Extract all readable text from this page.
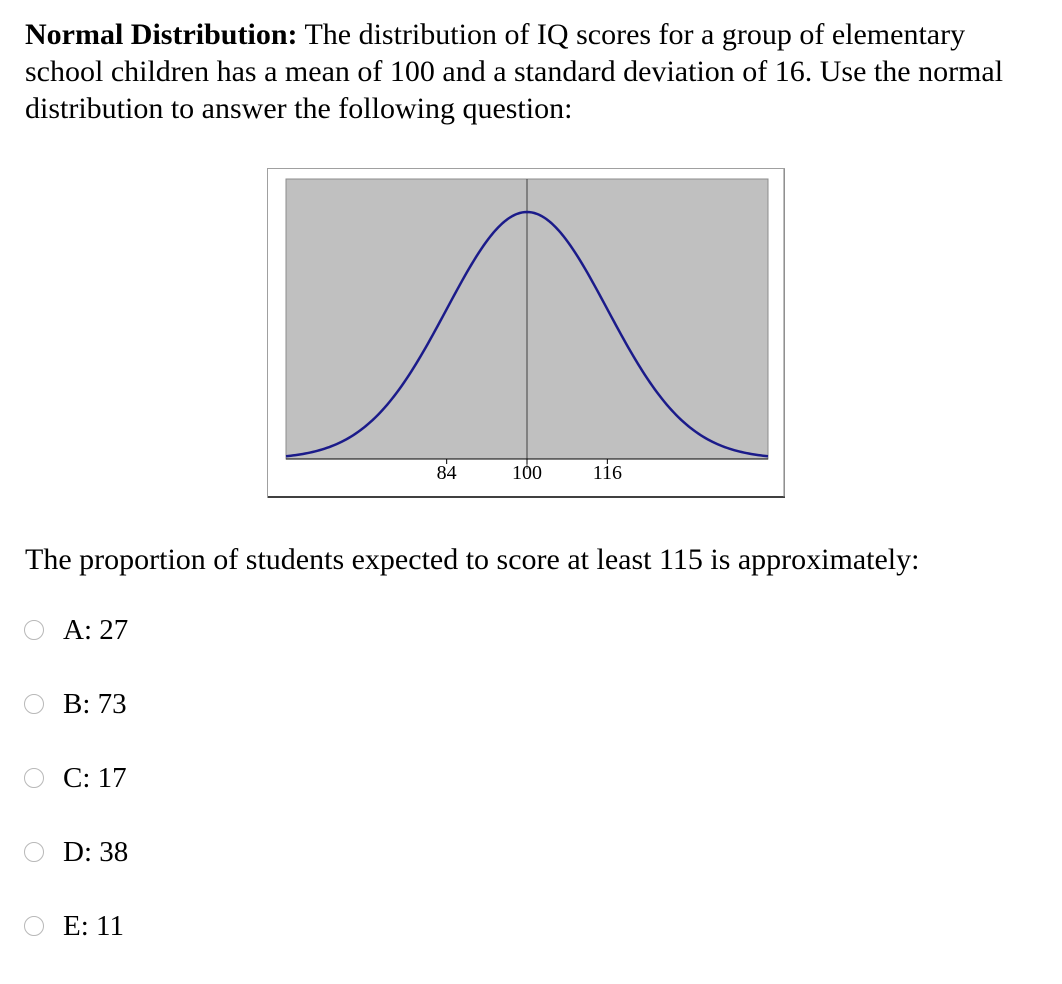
Normal Distribution: The distribution of IQ scores for a group of elementary school children has a mean of 100 and a standard deviation of 16. Use the normal distribution to answer the following question:

84	100	116

The proportion of students expected to score at least 115 is approximately:

A: 27
B: 73
C: 17
D: 38
E: 11
